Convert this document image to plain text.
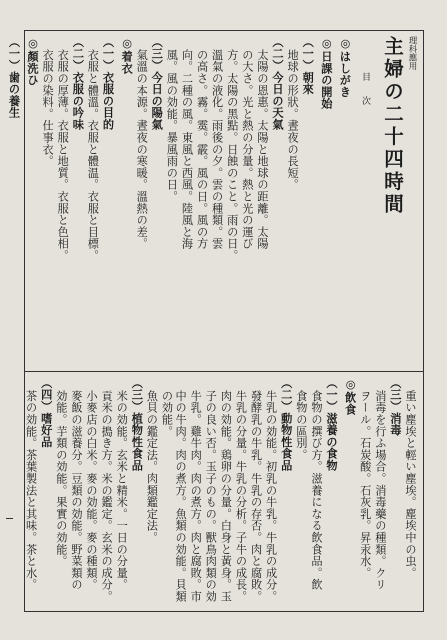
理科應用
主婦の二十四時間
目　次
◎はしがき
◎日課の開始
（一）朝來
地球の形狀。晝夜の長短。
（二）今日の天氣
太陽の恩惠。太陽と地球の距離。太陽
の大さ。光と熱の分量。熱と光の運び
方。太陽の黑點。日蝕のこと。雨の日。
溫氣の液化。雨後の夕。雲の種類。雲
の高さ。霧。霙。霰。風の日。風の方
向。二種の風。東風と西風。陸風と海
風。風の効能。暴風雨の日。
（三）今日の陽氣
氣溫の本源。晝夜の寒暖。溫熱の差。
◎着衣
（一）衣服の目的
衣服と體溫。衣服と體温。衣服と目標。
（二）衣服の吟味
衣服の厚薄。衣服と地質。衣服と色相。
衣服の染料。仕事衣。
◎顏洗ひ
（一）歯の養生
重い塵埃と輕い塵埃。塵埃中の虫。
（三）消毒
消毒を行ふ場合。消毒藥の種類。クリ
ヲール。石炭酸。石灰乳。昇汞水。
◎飲食
（一）滋養の食物
食物の撰び方。滋養になる飲食品。飲
食物の區別。
（二）動物性食品
牛乳の効能。初乳の牛乳。牛乳の成分。
發酵乳の牛乳。牛乳の存否。肉と腐敗。
牛乳の分量。牛乳の分析。子牛の成長。
肉の効能。鶏卵の分量。白身と黃身。玉
子の良い否。玉子のもの。獸鳥肉類の効
牛乳。雞牛肉。肉の煮方。肉と腐敗。市
中の牛肉。肉の煮方。魚類の効能。貝類の効能。
魚貝の鑑定法。肉類鑑定法。
（三）植物性食品
米の効能。玄米と精米。一日の分量。
貢米の搗き方。米の鑑定。玄米の成分。
小麥店の白米。麥の効能。麥の種類。
麥飯の滋養分。豆類の効能。野菜類の
効能。芋類の効能。果實の効能。
（四）嗜好品
茶の効能。茶葉製法と其味。茶と水。
